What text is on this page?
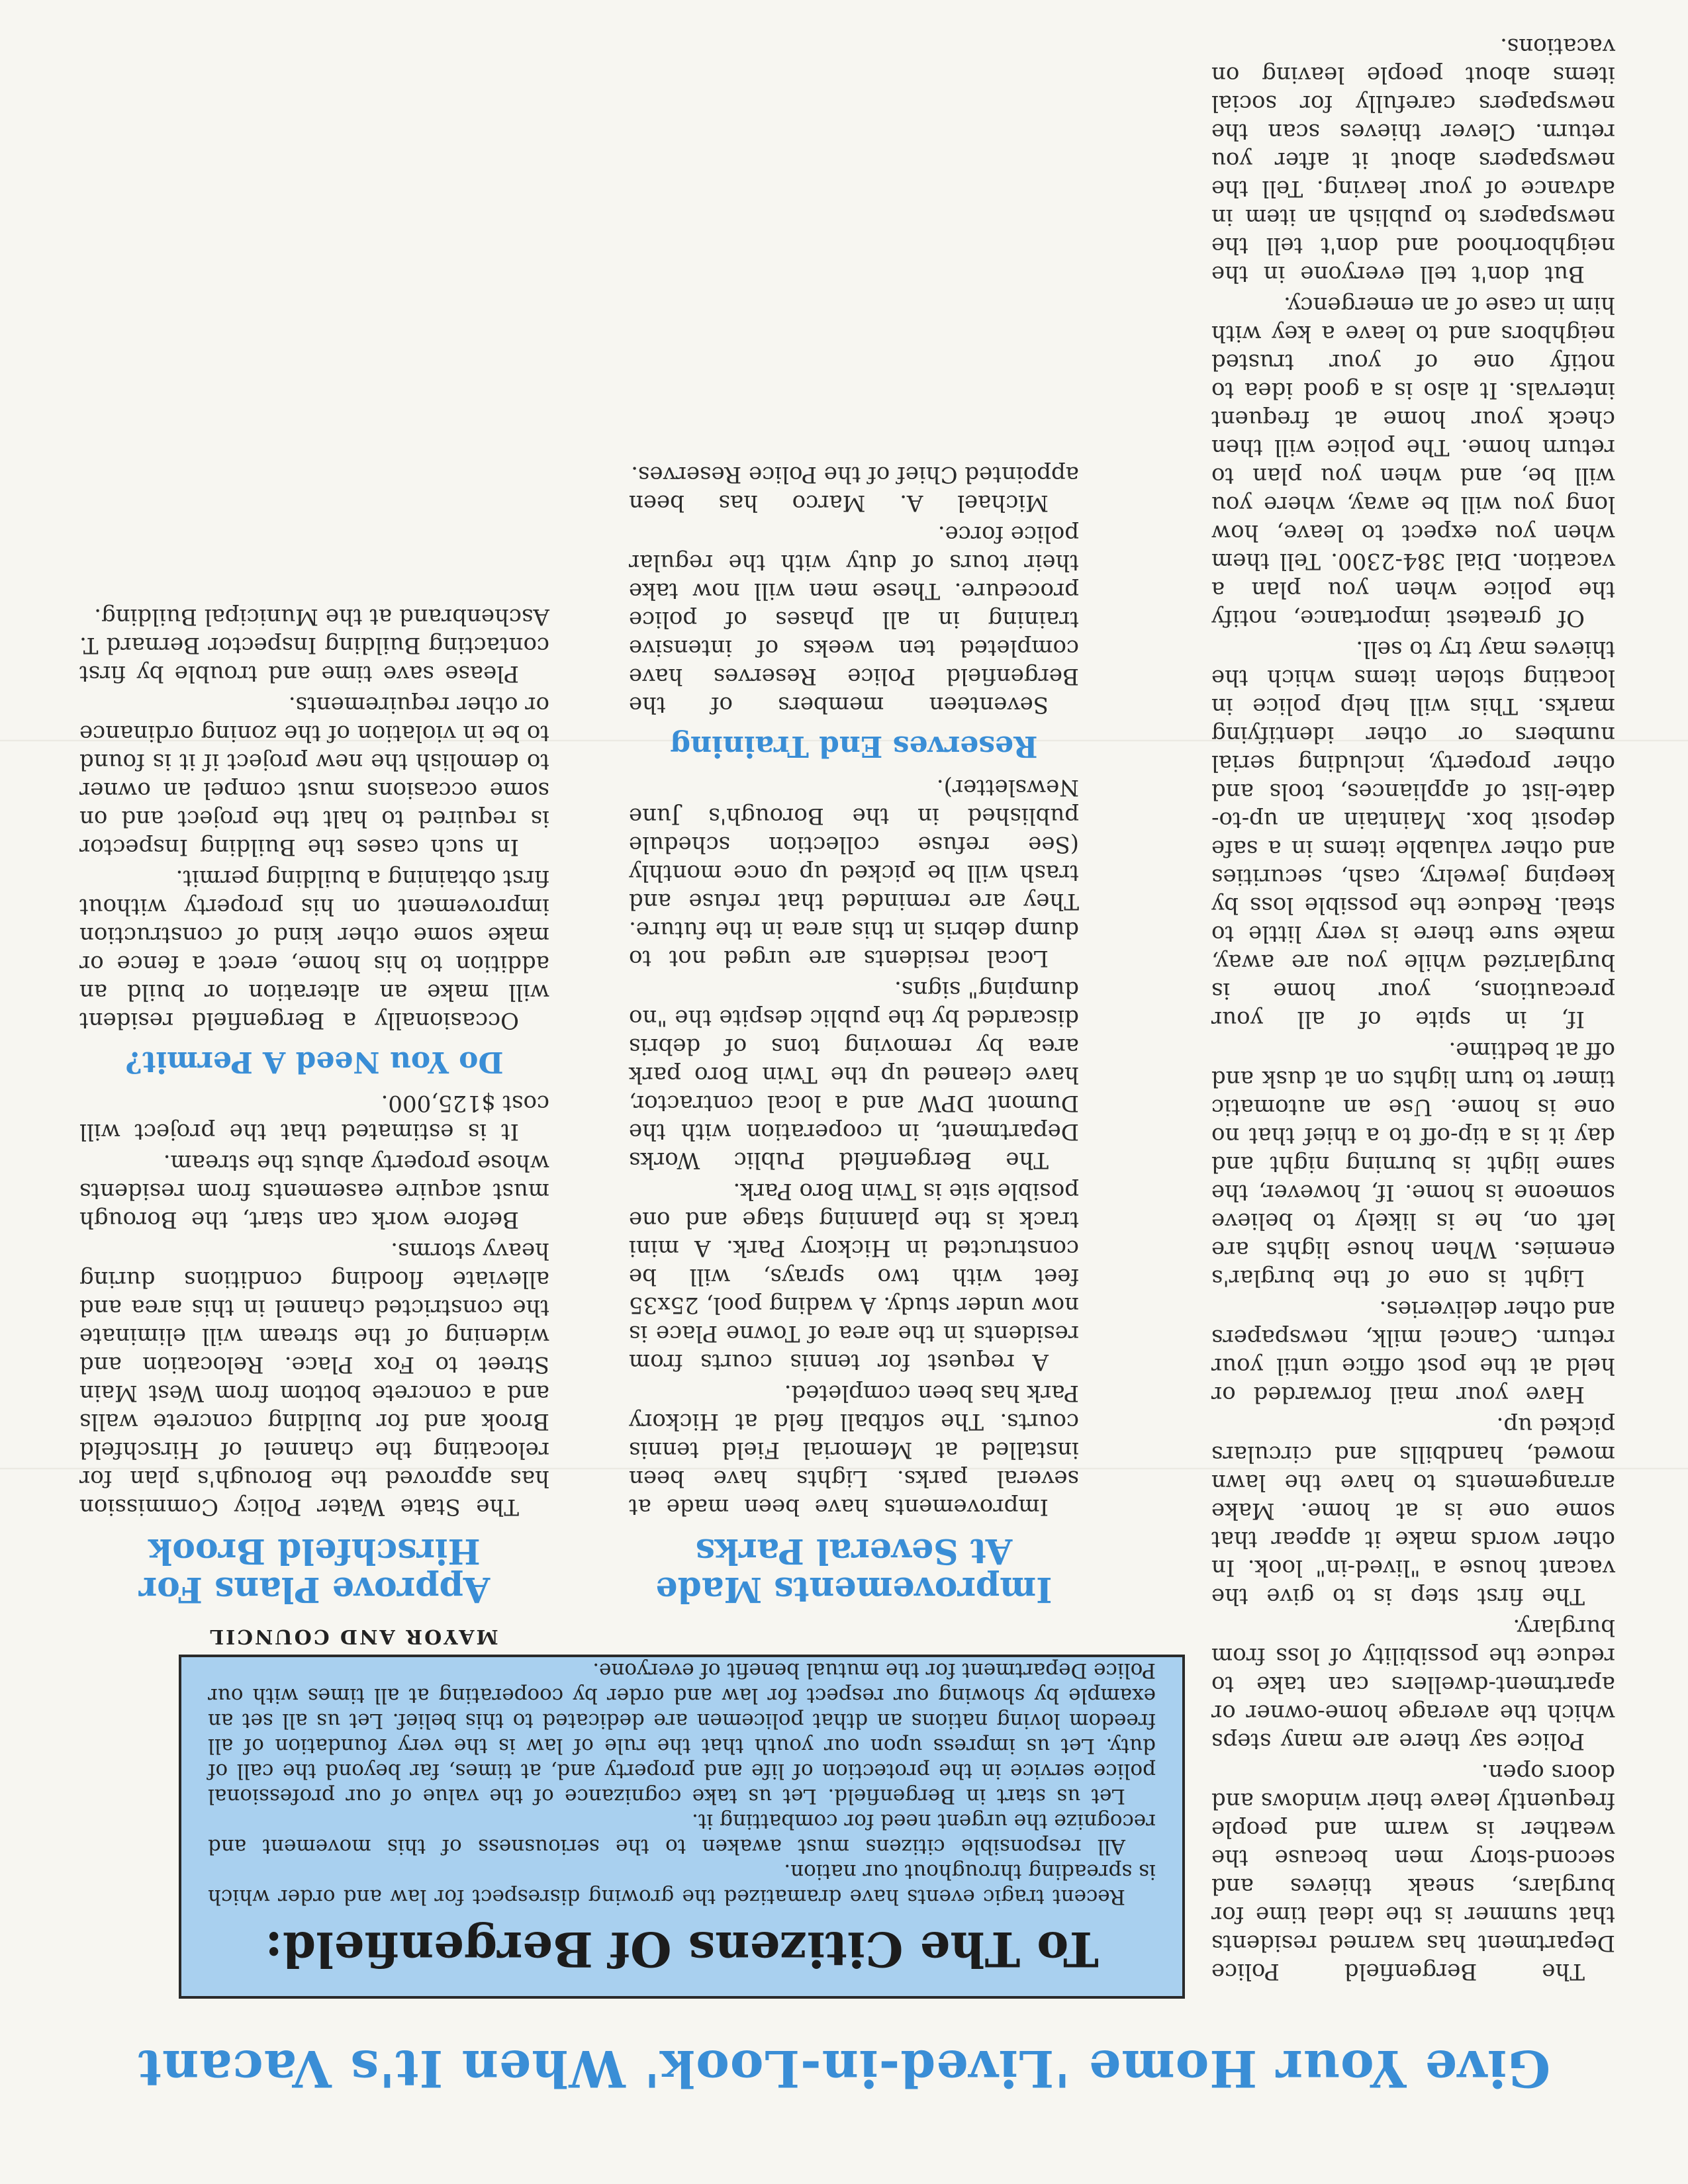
Give Your Home 'Lived-in-Look' When It's Vacant

The Bergenfield Police Department has warned residents that summer is the ideal time for burglars, sneak thieves and second-story men because the weather is warm and people frequently leave their windows and doors open.

Police say there are many steps which the average home-owner or apartment-dwellers can take to reduce the possibility of loss from burglary.

The first step is to give the vacant house a "lived-in" look. In other words make it appear that some one is at home. Make arrangements to have the lawn mowed, handbills and circulars picked up.

Have your mail forwarded or held at the post office until your return. Cancel milk, newspapers and other deliveries.

Light is one of the burglar's enemies. When house lights are left on, he is likely to believe someone is home. If, however, the same light is burning night and day it is a tip-off to a thief that no one is home. Use an automatic timer to turn lights on at dusk and off at bedtime.

If, in spite of all your precautions, your home is burglarized while you are away, make sure there is very little to steal. Reduce the possible loss by keeping jewelry, cash, securities and other valuable items in a safe deposit box. Maintain an up-to-date-list of appliances, tools and other property, including serial numbers or other identifying marks. This will help police in locating stolen items which the thieves may try to sell.

Of greatest importance, notify the police when you plan a vacation. Dial 384-2300. Tell them when you expect to leave, how long you will be away, where you will be, and when you plan to return home. The police will then check your home at frequent intervals. It also is a good idea to notify one of your trusted neighbors and to leave a key with him in case of an emergency.

But don't tell everyone in the neighborhood and don't tell the newspapers to publish an item in advance of your leaving. Tell the newspapers about it after you return. Clever thieves scan the newspapers carefully for social items about people leaving on vacations.

To The Citizens Of Bergenfield:

Recent tragic events have dramatized the growing disrespect for law and order which is spreading throughout our nation.

All responsible citizens must awaken to the seriousness of this movement and recognize the urgent need for combatting it.

Let us start in Bergenfield. Let us take cognizance of the value of our professional police service in the protection of life and property and, at times, far beyond the call of duty. Let us impress upon our youth that the rule of law is the very foundation of all freedom loving nations an dthat policemen are dedicated to this belief. Let us all set an example by showing our respect for law and order by cooperating at all times with our Police Department for the mutual benefit of everyone.

MAYOR AND COUNCIL

Improvements Made At Several Parks

Improvements have been made at several parks. Lights have been installed at Memorial Field tennis courts. The softball field at Hickory Park has been completed.

A request for tennis courts from residents in the area of Towne Place is now under study. A wading pool, 25x35 feet with two sprays, will be constructed in Hickory Park. A mini track is the planning stage and one posible site is Twin Boro Park.

The Bergenfield Public Works Department, in cooperation with the Dumont DPW and a local contractor, have cleaned up the Twin Boro park area by removing tons of debris discarded by the public despite the "no dumping" signs.

Local residents are urged not to dump debris in this area in the future. They are reminded that refuse and trash will be picked up once monthly (See refuse collection schedule published in the Borough's June Newsletter).

Reserves End Training

Seventeen members of the Bergenfield Police Reserves have completed ten weeks of intensive training in all phases of police procedure. These men will now take their tours of duty with the regular police force.

Michael A. Marco has been appointed Chief of the Police Reserves.

Approve Plans For Hirschfeld Brook

The State Water Policy Commission has approved the Borough's plan for relocating the channel of Hirschfeld Brook and for building concrete walls and a concrete bottom from West Main Street to Fox Place. Relocation and widening of the stream will eliminate the constricted channel in this area and alleviate flooding conditions during heavy storms.

Before work can start, the Borough must acquire easements from residents whose property abuts the stream.

It is estimated that the project will cost $125,000.

Do You Need A Permit?

Occasionally a Bergenfield resident will make an alteration or build an addition to his home, erect a fence or make some other kind of construction improvement on his property without first obtaining a building permit.

In such cases the Building Inspector is required to halt the project and on some occasions must compel an owner to demolish the new project if it is found to be in violation of the zoning ordinance or other requirements.

Please save time and trouble by first contacting Building Inspector Bernard T. Aschenbrand at the Municipal Building.
